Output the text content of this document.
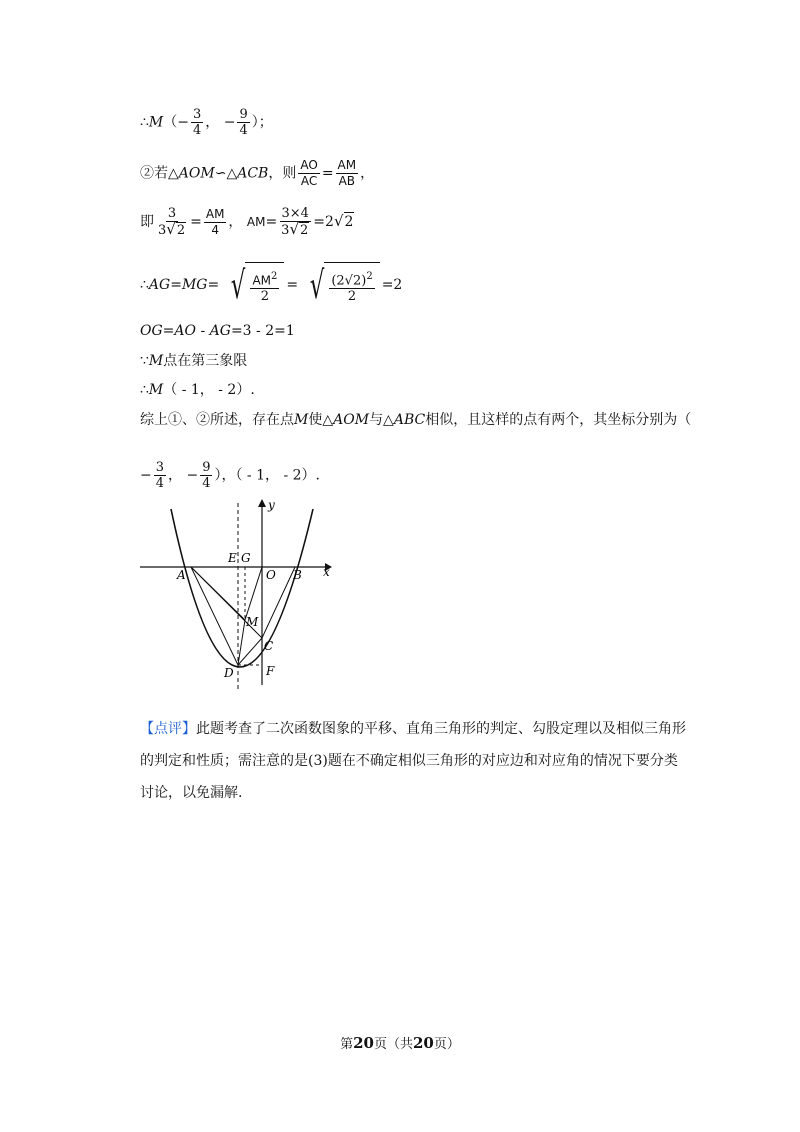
∴M（− $\frac{3}{4}$ ， − $\frac{9}{4}$ ）；
②若△AOM∽△ACB，则 $\frac{AO}{AC} = \frac{AM}{AB}$ ，
即 $\frac{3}{3 √ 2} = \frac{AM}{4}$ ， $AM= \frac{3\times 4}{3 √ 2} =2$ √ 2
∴AG=MG= √ $\frac{AM^2}{2}$ = √ $\frac{(2√2)^2}{2} =2$
OG=AO - AG=3 - 2=1
∵M点在第三象限
∴M（ - 1， - 2）.
综上①、②所述，存在点M使△AOM与△ABC相似，且这样的点有两个，其坐标分别为（
− $\frac{3}{4}$ ， − $\frac{9}{4}$ ），（ - 1， - 2）.
y
x
E G
A	O B
M
C
D	F
【点评】此题考查了二次函数图象的平移、直角三角形的判定、勾股定理以及相似三角形
的判定和性质；需注意的是(3)题在不确定相似三角形的对应边和对应角的情况下要分类
讨论，以免漏解.
第20页（共20页）
